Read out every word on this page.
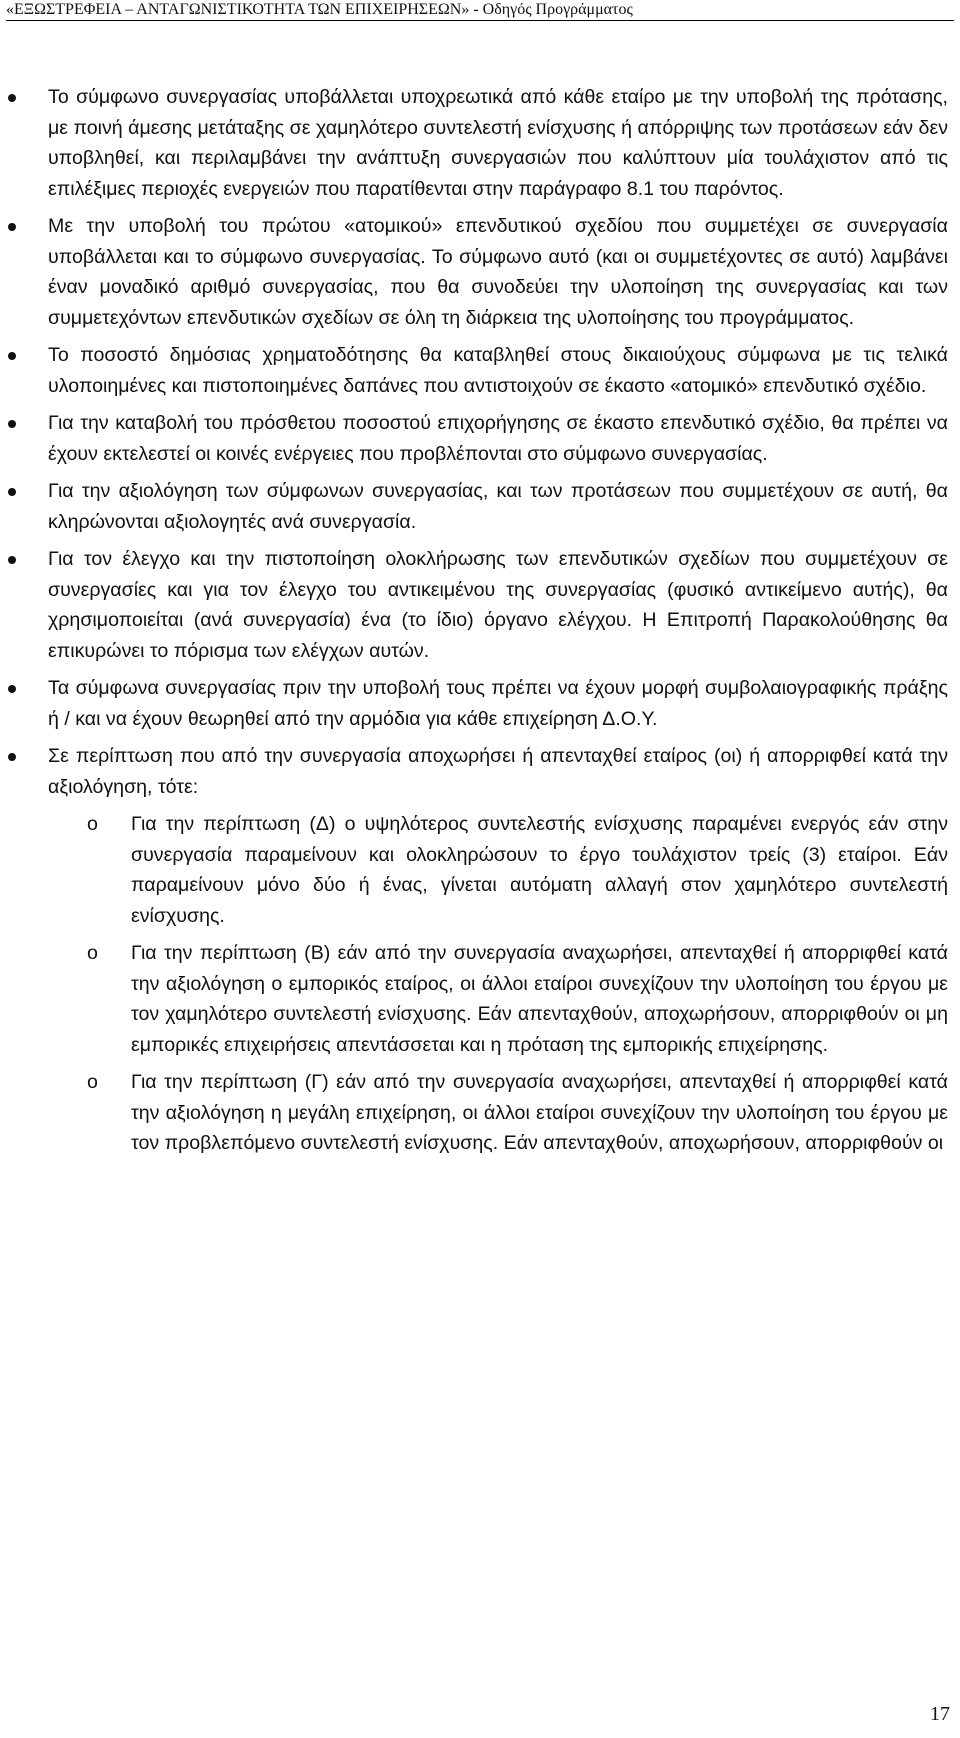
«ΕΞΩΣΤΡΕΦΕΙΑ – ΑΝΤΑΓΩΝΙΣΤΙΚΟΤΗΤΑ ΤΩΝ ΕΠΙΧΕΙΡΗΣΕΩΝ» - Οδηγός Προγράμματος
Το σύμφωνο συνεργασίας υποβάλλεται υποχρεωτικά από κάθε εταίρο με την υποβολή της πρότασης, με ποινή άμεσης μετάταξης σε χαμηλότερο συντελεστή ενίσχυσης ή απόρριψης των προτάσεων εάν δεν υποβληθεί, και περιλαμβάνει την ανάπτυξη συνεργασιών που καλύπτουν μία τουλάχιστον από τις επιλέξιμες περιοχές ενεργειών που παρατίθενται στην παράγραφο 8.1 του παρόντος.
Με την υποβολή του πρώτου «ατομικού» επενδυτικού σχεδίου που συμμετέχει σε συνεργασία υποβάλλεται και το σύμφωνο συνεργασίας. Το σύμφωνο αυτό (και οι συμμετέχοντες σε αυτό) λαμβάνει έναν μοναδικό αριθμό συνεργασίας, που θα συνοδεύει την υλοποίηση της συνεργασίας και των συμμετεχόντων επενδυτικών σχεδίων σε όλη τη διάρκεια της υλοποίησης του προγράμματος.
Το ποσοστό δημόσιας χρηματοδότησης θα καταβληθεί στους δικαιούχους σύμφωνα με τις τελικά υλοποιημένες και πιστοποιημένες δαπάνες που αντιστοιχούν σε έκαστο «ατομικό» επενδυτικό σχέδιο.
Για την καταβολή του πρόσθετου ποσοστού επιχορήγησης σε έκαστο επενδυτικό σχέδιο, θα πρέπει να έχουν εκτελεστεί οι κοινές ενέργειες που προβλέπονται στο σύμφωνο συνεργασίας.
Για την αξιολόγηση των σύμφωνων συνεργασίας, και των προτάσεων που συμμετέχουν σε αυτή, θα κληρώνονται αξιολογητές ανά συνεργασία.
Για τον έλεγχο και την πιστοποίηση ολοκλήρωσης των επενδυτικών σχεδίων που συμμετέχουν σε συνεργασίες και για τον έλεγχο του αντικειμένου της συνεργασίας (φυσικό αντικείμενο αυτής), θα χρησιμοποιείται (ανά συνεργασία) ένα (το ίδιο) όργανο ελέγχου. Η Επιτροπή Παρακολούθησης θα επικυρώνει το πόρισμα των ελέγχων αυτών.
Τα σύμφωνα συνεργασίας πριν την υποβολή τους πρέπει να έχουν μορφή συμβολαιογραφικής πράξης ή / και να έχουν θεωρηθεί από την αρμόδια για κάθε επιχείρηση Δ.Ο.Υ.
Σε περίπτωση που από την συνεργασία αποχωρήσει ή απενταχθεί εταίρος (οι) ή απορριφθεί κατά την αξιολόγηση, τότε:
o Για την περίπτωση (Δ) ο υψηλότερος συντελεστής ενίσχυσης παραμένει ενεργός εάν στην συνεργασία παραμείνουν και ολοκληρώσουν το έργο τουλάχιστον τρείς (3) εταίροι. Εάν παραμείνουν μόνο δύο ή ένας, γίνεται αυτόματη αλλαγή στον χαμηλότερο συντελεστή ενίσχυσης.
o Για την περίπτωση (Β) εάν από την συνεργασία αναχωρήσει, απενταχθεί ή απορριφθεί κατά την αξιολόγηση ο εμπορικός εταίρος, οι άλλοι εταίροι συνεχίζουν την υλοποίηση του έργου με τον χαμηλότερο συντελεστή ενίσχυσης. Εάν απενταχθούν, αποχωρήσουν, απορριφθούν οι μη εμπορικές επιχειρήσεις απεντάσσεται και η πρόταση της εμπορικής επιχείρησης.
o Για την περίπτωση (Γ) εάν από την συνεργασία αναχωρήσει, απενταχθεί ή απορριφθεί κατά την αξιολόγηση η μεγάλη επιχείρηση, οι άλλοι εταίροι συνεχίζουν την υλοποίηση του έργου με τον προβλεπόμενο συντελεστή ενίσχυσης. Εάν απενταχθούν, αποχωρήσουν, απορριφθούν οι
17
